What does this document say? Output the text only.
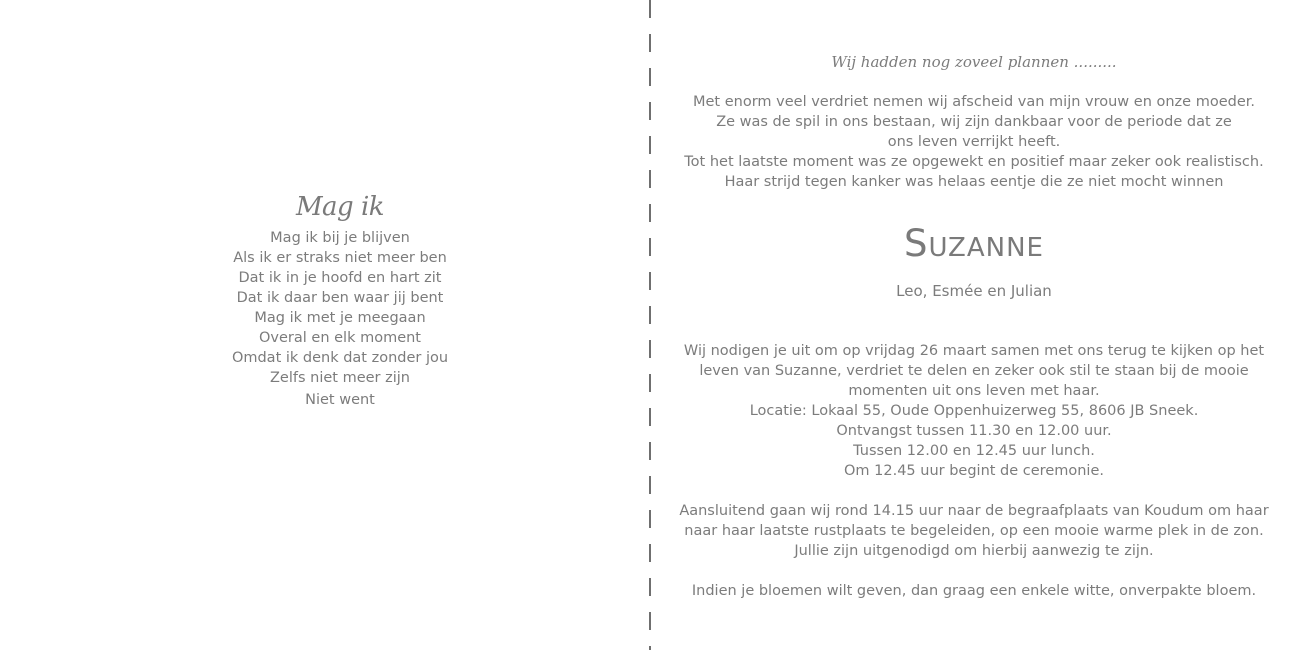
Mag ik
Mag ik bij je blijven
Als ik er straks niet meer ben
Dat ik in je hoofd en hart zit
Dat ik daar ben waar jij bent
Mag ik met je meegaan
Overal en elk moment
Omdat ik denk dat zonder jou
Zelfs niet meer zijn
Niet went
Wij hadden nog zoveel plannen .........
Met enorm veel verdriet nemen wij afscheid van mijn vrouw en onze moeder.
Ze was de spil in ons bestaan, wij zijn dankbaar voor de periode dat ze
ons leven verrijkt heeft.
Tot het laatste moment was ze opgewekt en positief maar zeker ook realistisch.
Haar strijd tegen kanker was helaas eentje die ze niet mocht winnen
Suzanne
Leo, Esmée en Julian
Wij nodigen je uit om op vrijdag 26 maart samen met ons terug te kijken op het
leven van Suzanne, verdriet te delen en zeker ook stil te staan bij de mooie
momenten uit ons leven met haar.
Locatie: Lokaal 55, Oude Oppenhuizerweg 55, 8606 JB Sneek.
Ontvangst tussen 11.30 en 12.00 uur.
Tussen 12.00 en 12.45 uur lunch.
Om 12.45 uur begint de ceremonie.
Aansluitend gaan wij rond 14.15 uur naar de begraafplaats van Koudum om haar
naar haar laatste rustplaats te begeleiden, op een mooie warme plek in de zon.
Jullie zijn uitgenodigd om hierbij aanwezig te zijn.
Indien je bloemen wilt geven, dan graag een enkele witte, onverpakte bloem.
